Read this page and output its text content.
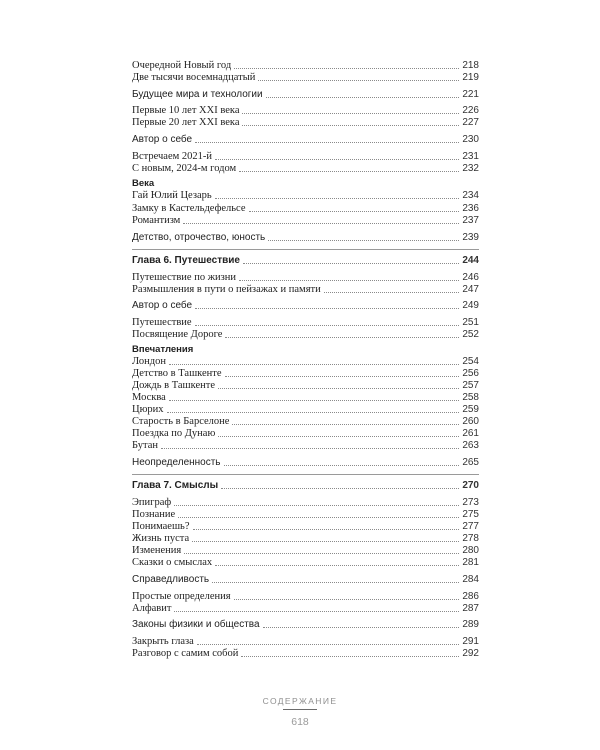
Очередной Новый год	218
Две тысячи восемнадцатый	219
Будущее мира и технологии	221
Первые 10 лет XXI века	226
Первые 20 лет XXI века	227
Автор о себе	230
Встречаем 2021-й	231
С новым, 2024-м годом	232
Века
Гай Юлий Цезарь	234
Замку в Кастельдефельсе	236
Романтизм	237
Детство, отрочество, юность	239
Глава 6. Путешествие	244
Путешествие по жизни	246
Размышления в пути о пейзажах и памяти	247
Автор о себе	249
Путешествие	251
Посвящение Дороге	252
Впечатления
Лондон	254
Детство в Ташкенте	256
Дождь в Ташкенте	257
Москва	258
Цюрих	259
Старость в Барселоне	260
Поездка по Дунаю	261
Бутан	263
Неопределенность	265
Глава 7. Смыслы	270
Эпиграф	273
Познание	275
Понимаешь?	277
Жизнь пуста	278
Изменения	280
Сказки о смыслах	281
Справедливость	284
Простые определения	286
Алфавит	287
Законы физики и общества	289
Закрыть глаза	291
Разговор с самим собой	292
СОДЕРЖАНИЕ
618
